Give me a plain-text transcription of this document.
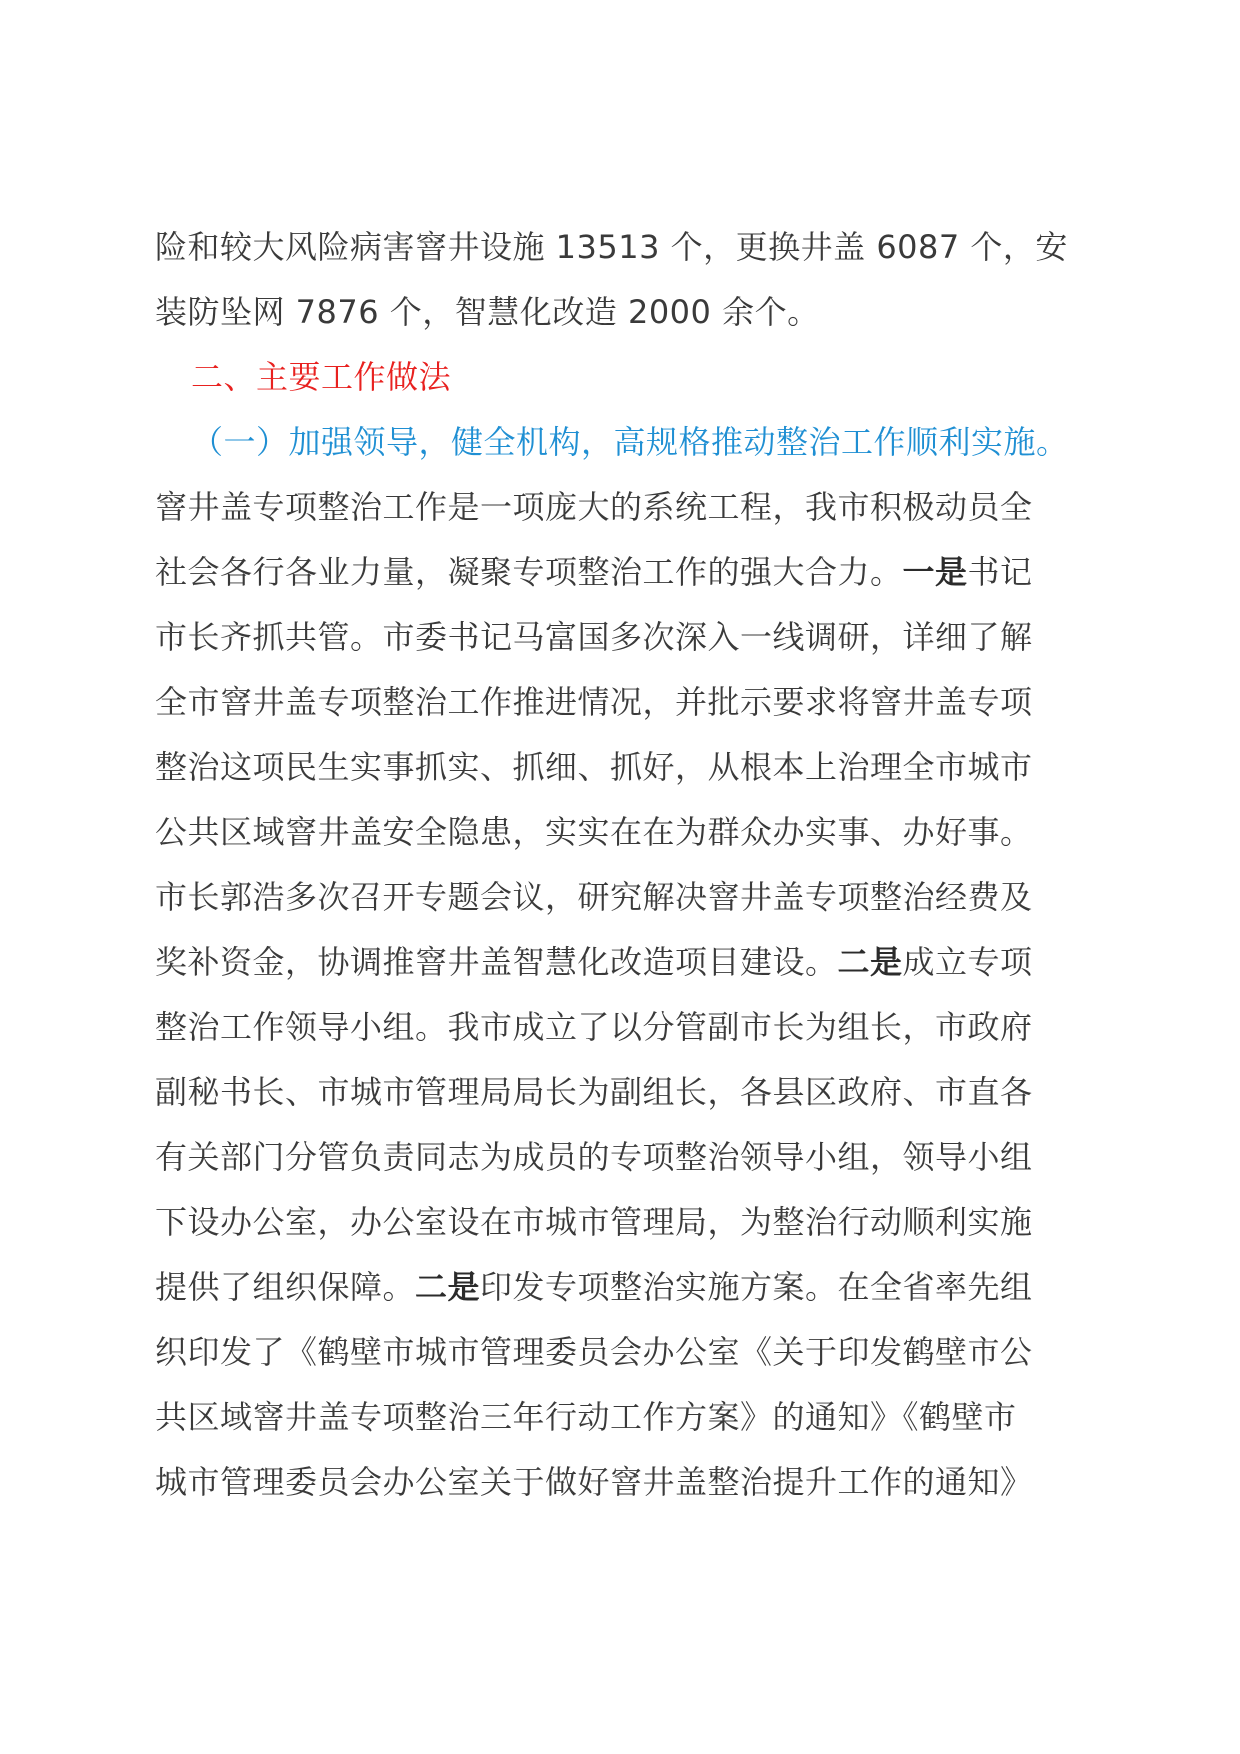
险和较大风险病害窨井设施 13513 个，更换井盖 6087 个，安
装防坠网 7876 个，智慧化改造 2000 余个。
二、主要工作做法
（一）加强领导，健全机构，高规格推动整治工作顺利实施。
窨井盖专项整治工作是一项庞大的系统工程，我市积极动员全
社会各行各业力量，凝聚专项整治工作的强大合力。一是书记
市长齐抓共管。市委书记马富国多次深入一线调研，详细了解
全市窨井盖专项整治工作推进情况，并批示要求将窨井盖专项
整治这项民生实事抓实、抓细、抓好，从根本上治理全市城市
公共区域窨井盖安全隐患，实实在在为群众办实事、办好事。
市长郭浩多次召开专题会议，研究解决窨井盖专项整治经费及
奖补资金，协调推窨井盖智慧化改造项目建设。二是成立专项
整治工作领导小组。我市成立了以分管副市长为组长，市政府
副秘书长、市城市管理局局长为副组长，各县区政府、市直各
有关部门分管负责同志为成员的专项整治领导小组，领导小组
下设办公室，办公室设在市城市管理局，为整治行动顺利实施
提供了组织保障。二是印发专项整治实施方案。在全省率先组
织印发了《鹤壁市城市管理委员会办公室《关于印发鹤壁市公
共区域窨井盖专项整治三年行动工作方案》的通知》《鹤壁市
城市管理委员会办公室关于做好窨井盖整治提升工作的通知》
